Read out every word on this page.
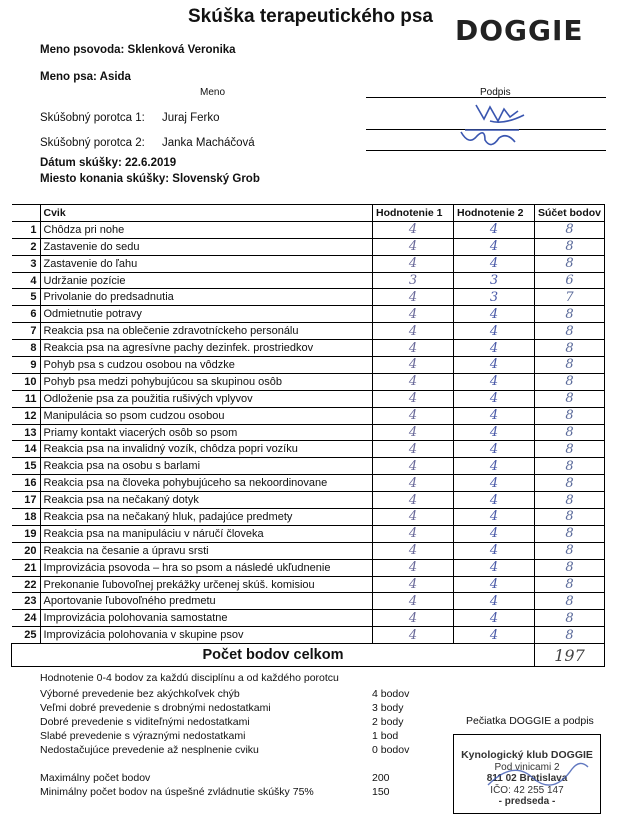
Skúška terapeutického psa DOGGIE
Meno psovoda: Sklenková Veronika
Meno psa: Asida
Meno	Podpis
Skúšobný porotca 1: Juraj Ferko
Skúšobný porotca 2: Janka Macháčová
Dátum skúšky: 22.6.2019
Miesto konania skúšky: Slovenský Grob
	Cvik	Hodnotenie 1	Hodnotenie 2	Súčet bodov
1	Chôdza pri nohe	4	4	8
2	Zastavenie do sedu	4	4	8
3	Zastavenie do ľahu	4	4	8
4	Udržanie pozície	3	3	6
5	Privolanie do predsadnutia	4	3	7
6	Odmietnutie potravy	4	4	8
7	Reakcia psa na oblečenie zdravotníckeho personálu	4	4	8
8	Reakcia psa na agresívne pachy dezinfek. prostriedkov	4	4	8
9	Pohyb psa s cudzou osobou na vôdzke	4	4	8
10	Pohyb psa medzi pohybujúcou sa skupinou osôb	4	4	8
11	Odloženie psa za použitia rušivých vplyvov	4	4	8
12	Manipulácia so psom cudzou osobou	4	4	8
13	Priamy kontakt viacerých osôb so psom	4	4	8
14	Reakcia psa na invalidný vozík, chôdza popri vozíku	4	4	8
15	Reakcia psa na osobu s barlami	4	4	8
16	Reakcia psa na človeka pohybujúceho sa nekoordinovane	4	4	8
17	Reakcia psa na nečakaný dotyk	4	4	8
18	Reakcia psa na nečakaný hluk, padajúce predmety	4	4	8
19	Reakcia psa na manipuláciu v náručí človeka	4	4	8
20	Reakcia na česanie a úpravu srsti	4	4	8
21	Improvizácia psovoda – hra so psom a následé ukľudnenie	4	4	8
22	Prekonanie ľubovoľnej prekážky určenej skúš. komisiou	4	4	8
23	Aportovanie ľubovoľného predmetu	4	4	8
24	Improvizácia polohovania samostatne	4	4	8
25	Improvizácia polohovania v skupine psov	4	4	8
Počet bodov celkom				197
Hodnotenie 0-4 bodov za každú disciplínu a od každého porotcu
Výborné prevedenie bez akýchkoľvek chýb	4 bodov
Veľmi dobré prevedenie s drobnými nedostatkami	3 body
Dobré prevedenie s viditeľnými nedostatkami	2 body
Slabé prevedenie s výraznými nedostatkami	1 bod
Nedostačujúce prevedenie až nesplnenie cviku	0 bodov
Maximálny počet bodov	200
Minimálny počet bodov na úspešné zvládnutie skúšky 75%	150
Pečiatka DOGGIE a podpis
Kynologický klub DOGGIE
Pod vinicami 2
811 02 Bratislava
IČO: 42 255 147
- predseda -
